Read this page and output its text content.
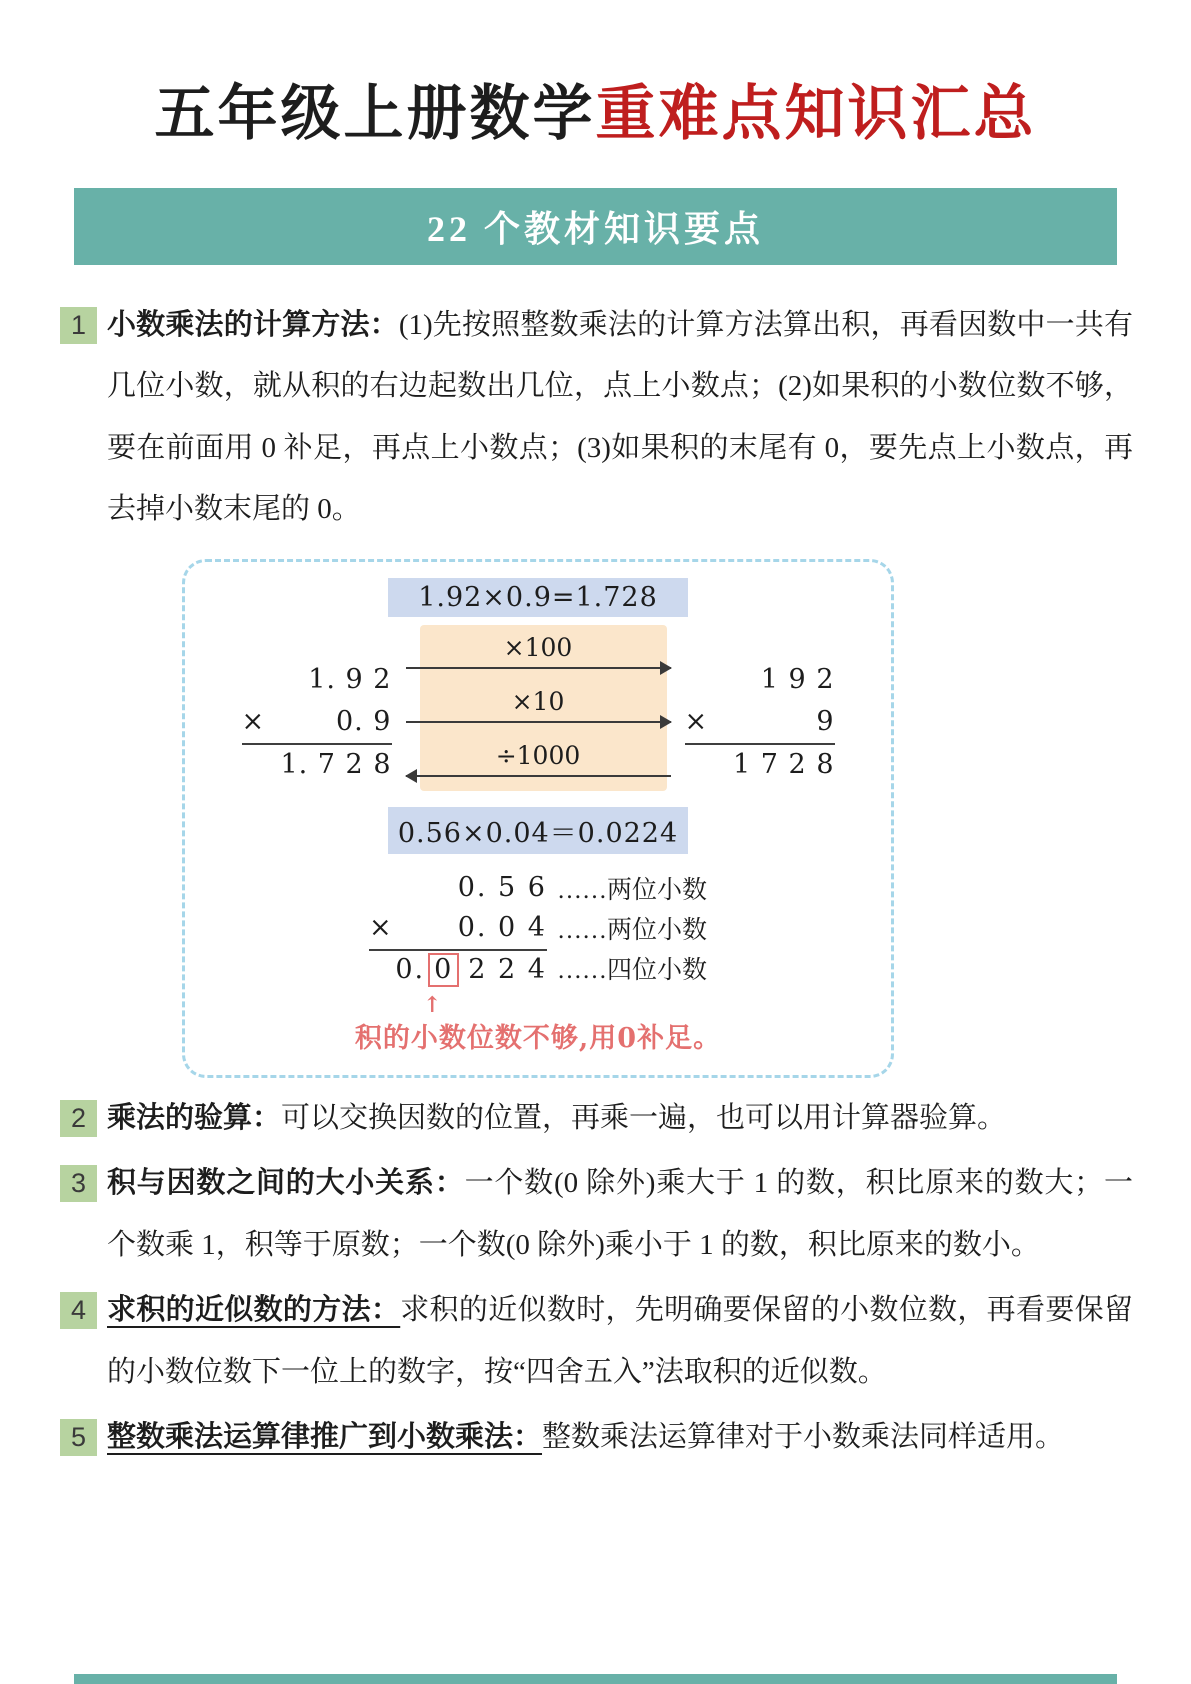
五年级上册数学重难点知识汇总
22 个教材知识要点
1 小数乘法的计算方法：(1)先按照整数乘法的计算方法算出积，再看因数中一共有几位小数，就从积的右边起数出几位，点上小数点；(2)如果积的小数位数不够，要在前面用 0 补足，再点上小数点；(3)如果积的末尾有 0，要先点上小数点，再去掉小数末尾的 0。
1.92×0.9=1.728
1. 9 2
×	0. 9
1. 7 2 8
×100
×10
÷1000
1 9 2
×	9
1 7 2 8
0.56×0.04＝0.0224
0. 5 6 ……两位小数
× 0. 0 4 ……两位小数
0. 0 2 2 4 ……四位小数
↑
积的小数位数不够,用0补足。
2 乘法的验算：可以交换因数的位置，再乘一遍，也可以用计算器验算。
3 积与因数之间的大小关系：一个数(0 除外)乘大于 1 的数，积比原来的数大；一个数乘 1，积等于原数；一个数(0 除外)乘小于 1 的数，积比原来的数小。
4 求积的近似数的方法：求积的近似数时，先明确要保留的小数位数，再看要保留的小数位数下一位上的数字，按“四舍五入”法取积的近似数。
5 整数乘法运算律推广到小数乘法：整数乘法运算律对于小数乘法同样适用。
